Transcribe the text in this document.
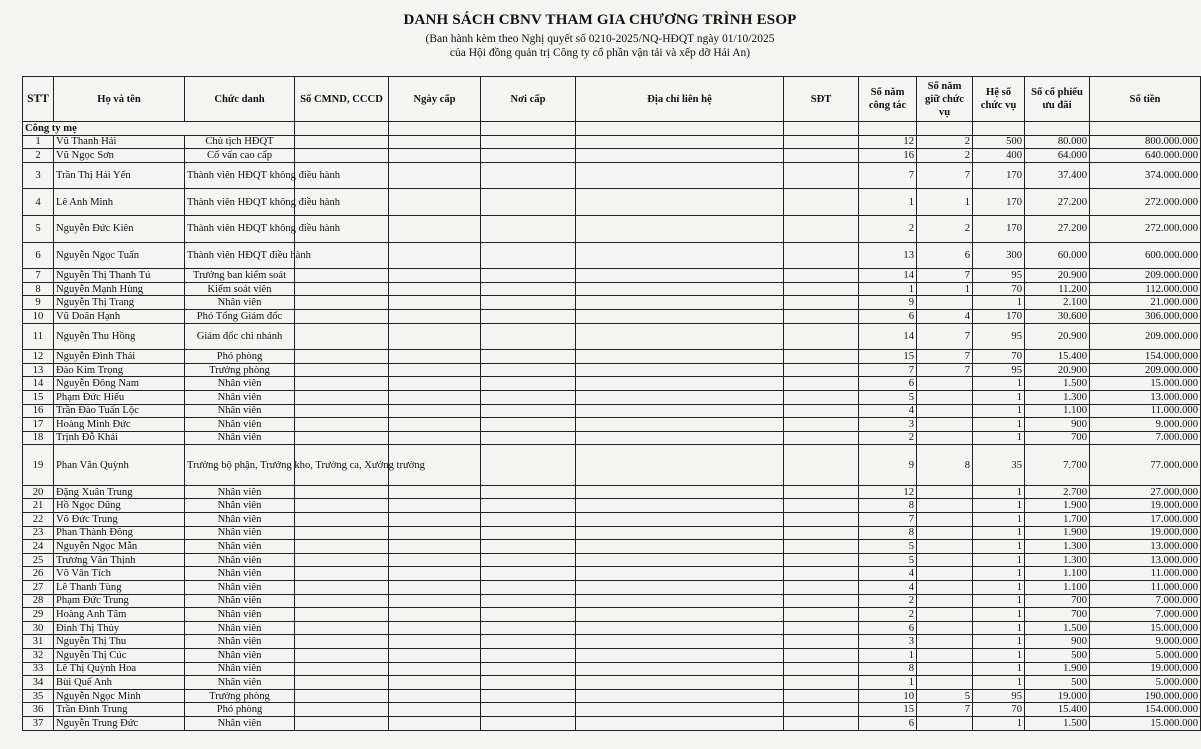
DANH SÁCH CBNV THAM GIA CHƯƠNG TRÌNH ESOP
(Ban hành kèm theo Nghị quyết số 0210-2025/NQ-HĐQT ngày 01/10/2025
của Hội đồng quản trị Công ty cổ phần vận tải và xếp dỡ Hải An)
STT	Họ và tên	Chức danh	Số CMND, CCCD	Ngày cấp	Nơi cấp	Địa chỉ liên hệ	SĐT	Số năm công tác	Số năm giữ chức vụ	Hệ số chức vụ	Số cổ phiếu ưu đãi	Số tiền
Công ty mẹ												
1	Vũ Thanh Hải	Chủ tịch HĐQT						12	2	500	80.000	800.000.000
2	Vũ Ngọc Sơn	Cố vấn cao cấp						16	2	400	64.000	640.000.000
3	Trần Thị Hải Yến	Thành viên HĐQT không điều hành						7	7	170	37.400	374.000.000
4	Lê Anh Minh	Thành viên HĐQT không điều hành						1	1	170	27.200	272.000.000
5	Nguyễn Đức Kiên	Thành viên HĐQT không điều hành						2	2	170	27.200	272.000.000
6	Nguyễn Ngọc Tuấn	Thành viên HĐQT điều hành						13	6	300	60.000	600.000.000
7	Nguyễn Thị Thanh Tú	Trưởng ban kiểm soát						14	7	95	20.900	209.000.000
8	Nguyễn Mạnh Hùng	Kiểm soát viên						1	1	70	11.200	112.000.000
9	Nguyễn Thị Trang	Nhân viên						9		1	2.100	21.000.000
10	Vũ Doãn Hạnh	Phó Tổng Giám đốc						6	4	170	30.600	306.000.000
11	Nguyễn Thu Hồng	Giám đốc chi nhánh						14	7	95	20.900	209.000.000
12	Nguyễn Đình Thái	Phó phòng						15	7	70	15.400	154.000.000
13	Đào Kim Trọng	Trưởng phòng						7	7	95	20.900	209.000.000
14	Nguyễn Đông Nam	Nhân viên						6		1	1.500	15.000.000
15	Phạm Đức Hiếu	Nhân viên						5		1	1.300	13.000.000
16	Trần Đào Tuấn Lộc	Nhân viên						4		1	1.100	11.000.000
17	Hoàng Minh Đức	Nhân viên						3		1	900	9.000.000
18	Trịnh Đỗ Khải	Nhân viên						2		1	700	7.000.000
19	Phan Văn Quỳnh	Trưởng bộ phận, Trưởng kho, Trưởng ca, Xưởng trưởng						9	8	35	7.700	77.000.000
20	Đặng Xuân Trung	Nhân viên						12		1	2.700	27.000.000
21	Hồ Ngọc Dũng	Nhân viên						8		1	1.900	19.000.000
22	Võ Đức Trung	Nhân viên						7		1	1.700	17.000.000
23	Phan Thành Đông	Nhân viên						8		1	1.900	19.000.000
24	Nguyễn Ngọc Mẫn	Nhân viên						5		1	1.300	13.000.000
25	Trương Văn Thịnh	Nhân viên						5		1	1.300	13.000.000
26	Võ Văn Tích	Nhân viên						4		1	1.100	11.000.000
27	Lê Thanh Tùng	Nhân viên						4		1	1.100	11.000.000
28	Phạm Đức Trung	Nhân viên						2		1	700	7.000.000
29	Hoàng Anh Tâm	Nhân viên						2		1	700	7.000.000
30	Đinh Thị Thủy	Nhân viên						6		1	1.500	15.000.000
31	Nguyễn Thị Thu	Nhân viên						3		1	900	9.000.000
32	Nguyễn Thị Cúc	Nhân viên						1		1	500	5.000.000
33	Lê Thị Quỳnh Hoa	Nhân viên						8		1	1.900	19.000.000
34	Bùi Quế Anh	Nhân viên						1		1	500	5.000.000
35	Nguyễn Ngọc Minh	Trưởng phòng						10	5	95	19.000	190.000.000
36	Trần Đình Trung	Phó phòng						15	7	70	15.400	154.000.000
37	Nguyễn Trung Đức	Nhân viên						6		1	1.500	15.000.000
